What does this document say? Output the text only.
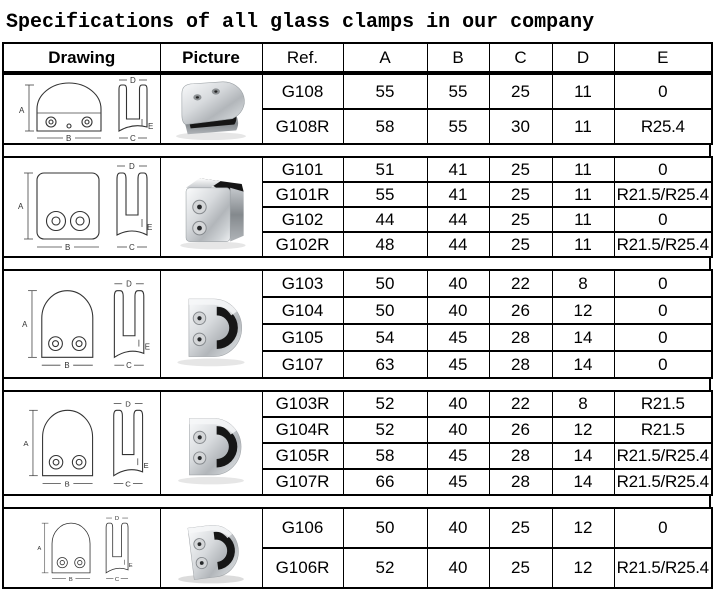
Specifications of all glass clamps in our company
Drawing	Picture	Ref.	A	B	C	D	E
A
B
D
C
E		G108	55	55	25	11	0
		G108R	58	55	30	11	R25.4
A
B
D
C
E		G101	51	41	25	11	0
		G101R	55	41	25	11	R21.5/R25.4
		G102	44	44	25	11	0
		G102R	48	44	25	11	R21.5/R25.4
A
B
D
C
E		G103	50	40	22	8	0
		G104	50	40	26	12	0
		G105	54	45	28	14	0
		G107	63	45	28	14	0
A
B
D
C
E		G103R	52	40	22	8	R21.5
		G104R	52	40	26	12	R21.5
		G105R	58	45	28	14	R21.5/R25.4
		G107R	66	45	28	14	R21.5/R25.4
A
B
D
C
E		G106	50	40	25	12	0
		G106R	52	40	25	12	R21.5/R25.4
